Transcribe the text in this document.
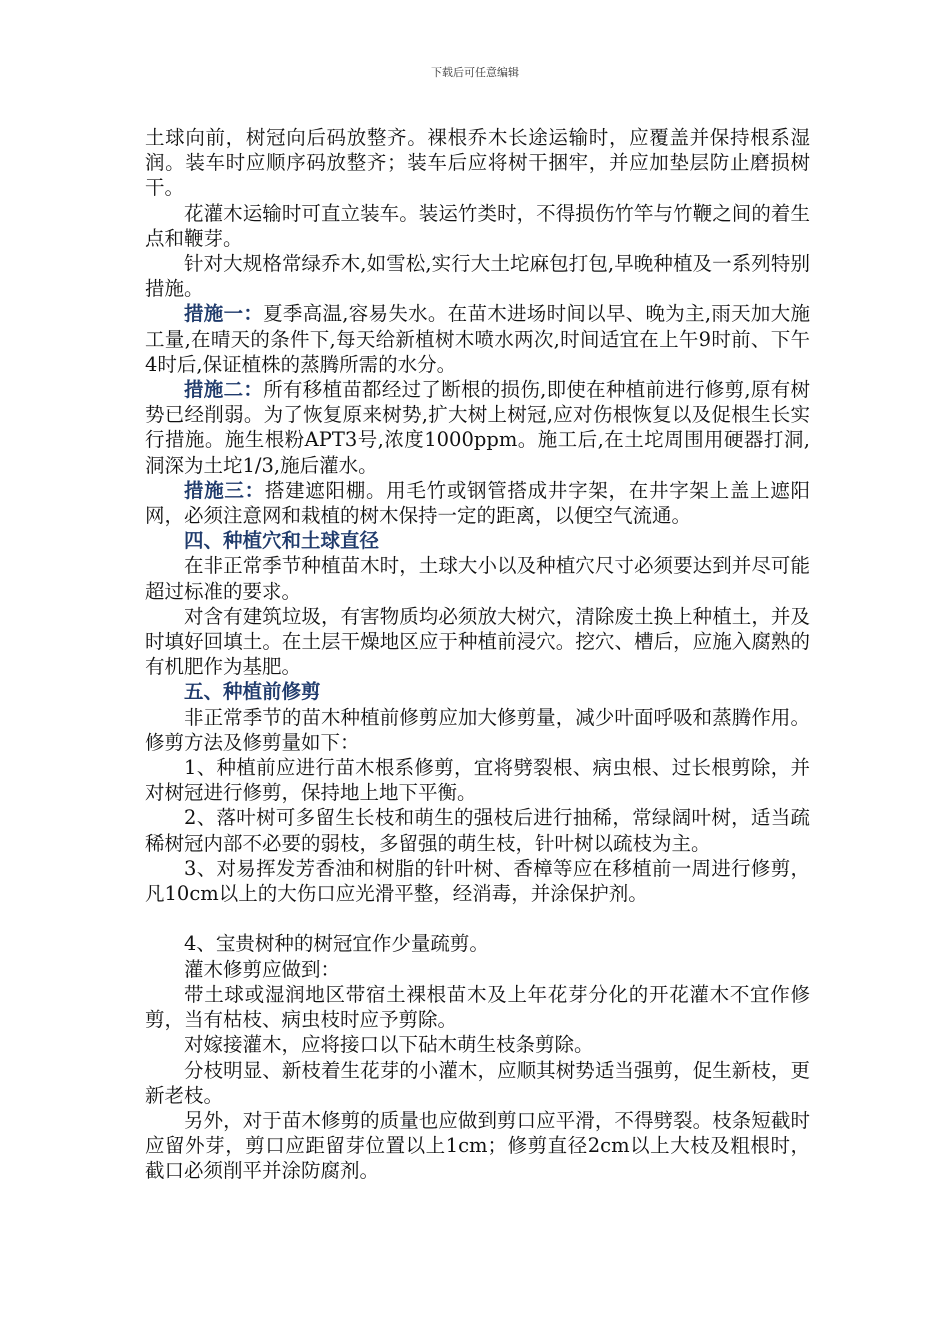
下载后可任意编辑

土球向前，树冠向后码放整齐。裸根乔木长途运输时，应覆盖并保持根系湿润。装车时应顺序码放整齐；装车后应将树干捆牢，并应加垫层防止磨损树干。

花灌木运输时可直立装车。装运竹类时，不得损伤竹竿与竹鞭之间的着生点和鞭芽。

针对大规格常绿乔木,如雪松,实行大土坨麻包打包,早晚种植及一系列特别措施。

措施一：夏季高温,容易失水。在苗木进场时间以早、晚为主,雨天加大施工量,在晴天的条件下,每天给新植树木喷水两次,时间适宜在上午9时前、下午4时后,保证植株的蒸腾所需的水分。

措施二：所有移植苗都经过了断根的损伤,即使在种植前进行修剪,原有树势已经削弱。为了恢复原来树势,扩大树上树冠,应对伤根恢复以及促根生长实行措施。施生根粉APT3号,浓度1000ppm。施工后,在土坨周围用硬器打洞,洞深为土坨1/3,施后灌水。

措施三：搭建遮阳棚。用毛竹或钢管搭成井字架，在井字架上盖上遮阳网，必须注意网和栽植的树木保持一定的距离，以便空气流通。

四、种植穴和土球直径

在非正常季节种植苗木时，土球大小以及种植穴尺寸必须要达到并尽可能超过标准的要求。

对含有建筑垃圾，有害物质均必须放大树穴，清除废土换上种植土，并及时填好回填土。在土层干燥地区应于种植前浸穴。挖穴、槽后，应施入腐熟的有机肥作为基肥。

五、种植前修剪

非正常季节的苗木种植前修剪应加大修剪量，减少叶面呼吸和蒸腾作用。修剪方法及修剪量如下：

1、种植前应进行苗木根系修剪，宜将劈裂根、病虫根、过长根剪除，并对树冠进行修剪，保持地上地下平衡。

2、落叶树可多留生长枝和萌生的强枝后进行抽稀，常绿阔叶树，适当疏稀树冠内部不必要的弱枝，多留强的萌生枝，针叶树以疏枝为主。

3、对易挥发芳香油和树脂的针叶树、香樟等应在移植前一周进行修剪，凡10cm以上的大伤口应光滑平整，经消毒，并涂保护剂。

4、宝贵树种的树冠宜作少量疏剪。

灌木修剪应做到：

带土球或湿润地区带宿土裸根苗木及上年花芽分化的开花灌木不宜作修剪，当有枯枝、病虫枝时应予剪除。

对嫁接灌木，应将接口以下砧木萌生枝条剪除。

分枝明显、新枝着生花芽的小灌木，应顺其树势适当强剪，促生新枝，更新老枝。

另外，对于苗木修剪的质量也应做到剪口应平滑，不得劈裂。枝条短截时应留外芽，剪口应距留芽位置以上1cm；修剪直径2cm以上大枝及粗根时，截口必须削平并涂防腐剂。
